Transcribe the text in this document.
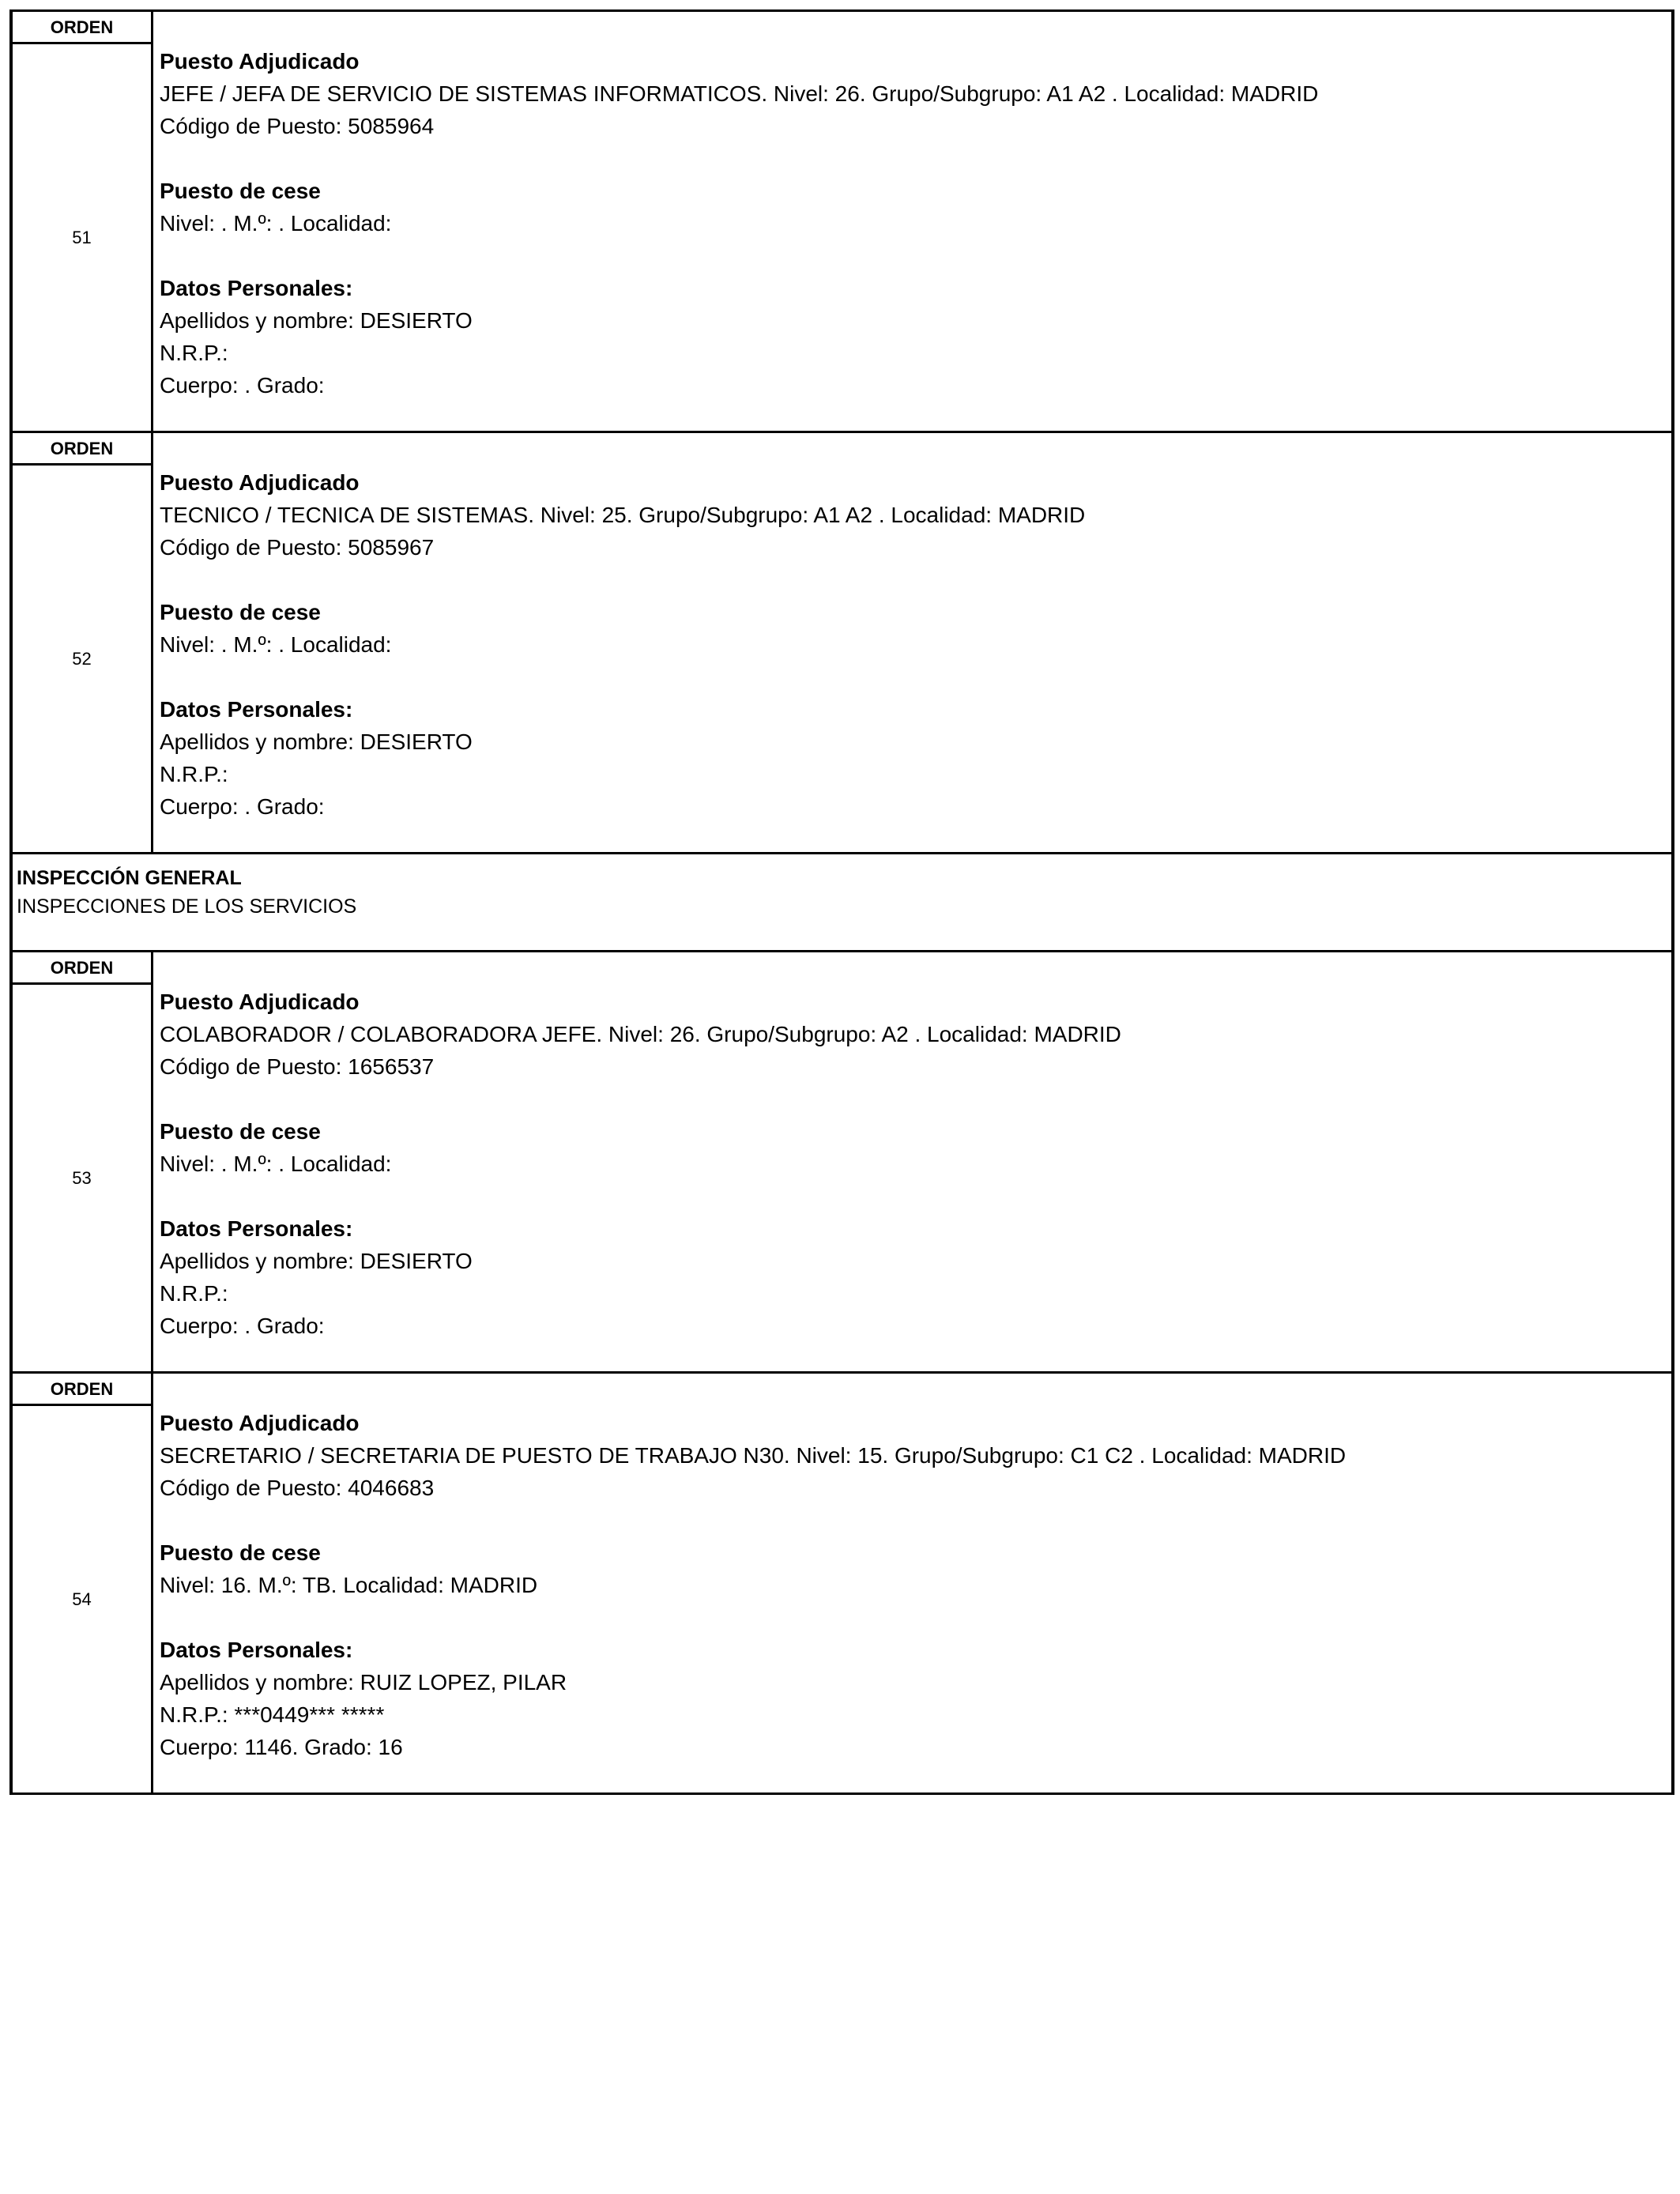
ORDEN
51
Puesto Adjudicado
JEFE / JEFA DE SERVICIO DE SISTEMAS INFORMATICOS. Nivel: 26. Grupo/Subgrupo: A1 A2 . Localidad: MADRID
Código de Puesto: 5085964
Puesto de cese
Nivel: . M.º: . Localidad:
Datos Personales:
Apellidos y nombre: DESIERTO
N.R.P.:
Cuerpo: . Grado:
ORDEN
52
Puesto Adjudicado
TECNICO / TECNICA DE SISTEMAS. Nivel: 25. Grupo/Subgrupo: A1 A2 . Localidad: MADRID
Código de Puesto: 5085967
Puesto de cese
Nivel: . M.º: . Localidad:
Datos Personales:
Apellidos y nombre: DESIERTO
N.R.P.:
Cuerpo: . Grado:
INSPECCIÓN GENERAL
INSPECCIONES DE LOS SERVICIOS
ORDEN
53
Puesto Adjudicado
COLABORADOR / COLABORADORA JEFE. Nivel: 26. Grupo/Subgrupo: A2 . Localidad: MADRID
Código de Puesto: 1656537
Puesto de cese
Nivel: . M.º: . Localidad:
Datos Personales:
Apellidos y nombre: DESIERTO
N.R.P.:
Cuerpo: . Grado:
ORDEN
54
Puesto Adjudicado
SECRETARIO / SECRETARIA DE PUESTO DE TRABAJO N30. Nivel: 15. Grupo/Subgrupo: C1 C2 . Localidad: MADRID
Código de Puesto: 4046683
Puesto de cese
Nivel: 16. M.º: TB. Localidad: MADRID
Datos Personales:
Apellidos y nombre: RUIZ LOPEZ, PILAR
N.R.P.: ***0449*** *****
Cuerpo: 1146. Grado: 16
